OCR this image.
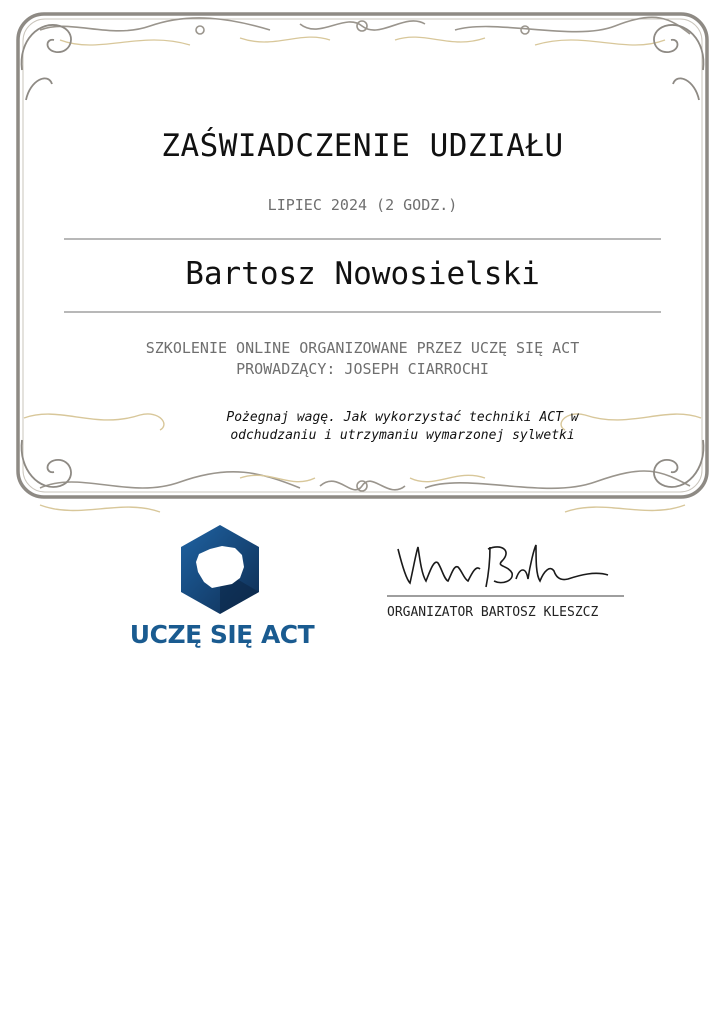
ZAŚWIADCZENIE UDZIAŁU
LIPIEC 2024 (2 GODZ.)
Bartosz Nowosielski
SZKOLENIE ONLINE ORGANIZOWANE PRZEZ UCZĘ SIĘ ACT
PROWADZĄCY: JOSEPH CIARROCHI
Pożegnaj wagę. Jak wykorzystać techniki ACT w
odchudzaniu i utrzymaniu wymarzonej sylwetki
UCZĘ SIĘ ACT
ORGANIZATOR BARTOSZ KLESZCZ
